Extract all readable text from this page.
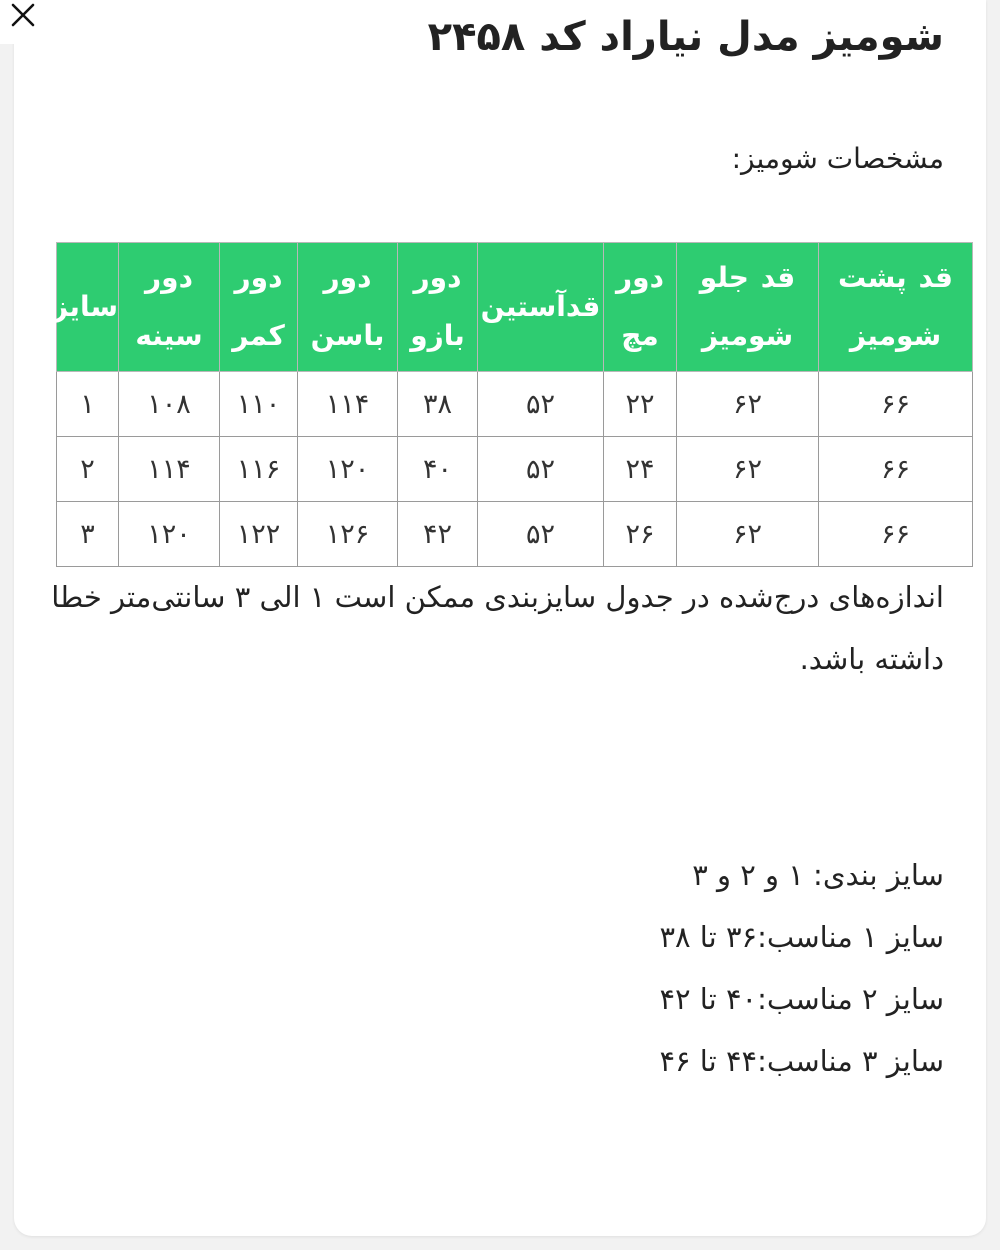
شومیز مدل نیاراد کد ۲۴۵۸
مشخصات شومیز:
قد پشت شومیز	قد جلو شومیز	دور مچ	قدآستین	دور بازو	دور باسن	دور کمر	دور سینه	سایز
۶۶	۶۲	۲۲	۵۲	۳۸	۱۱۴	۱۱۰	۱۰۸	۱
۶۶	۶۲	۲۴	۵۲	۴۰	۱۲۰	۱۱۶	۱۱۴	۲
۶۶	۶۲	۲۶	۵۲	۴۲	۱۲۶	۱۲۲	۱۲۰	۳

اندازه‌های درج‌شده در جدول سایزبندی ممکن است ۱ الی ۳ سانتی‌متر خطا داشته باشد.

سایز بندی: ۱ و ۲ و ۳
سایز ۱ مناسب:۳۶ تا ۳۸
سایز ۲ مناسب:۴۰ تا ۴۲
سایز ۳ مناسب:۴۴ تا ۴۶
